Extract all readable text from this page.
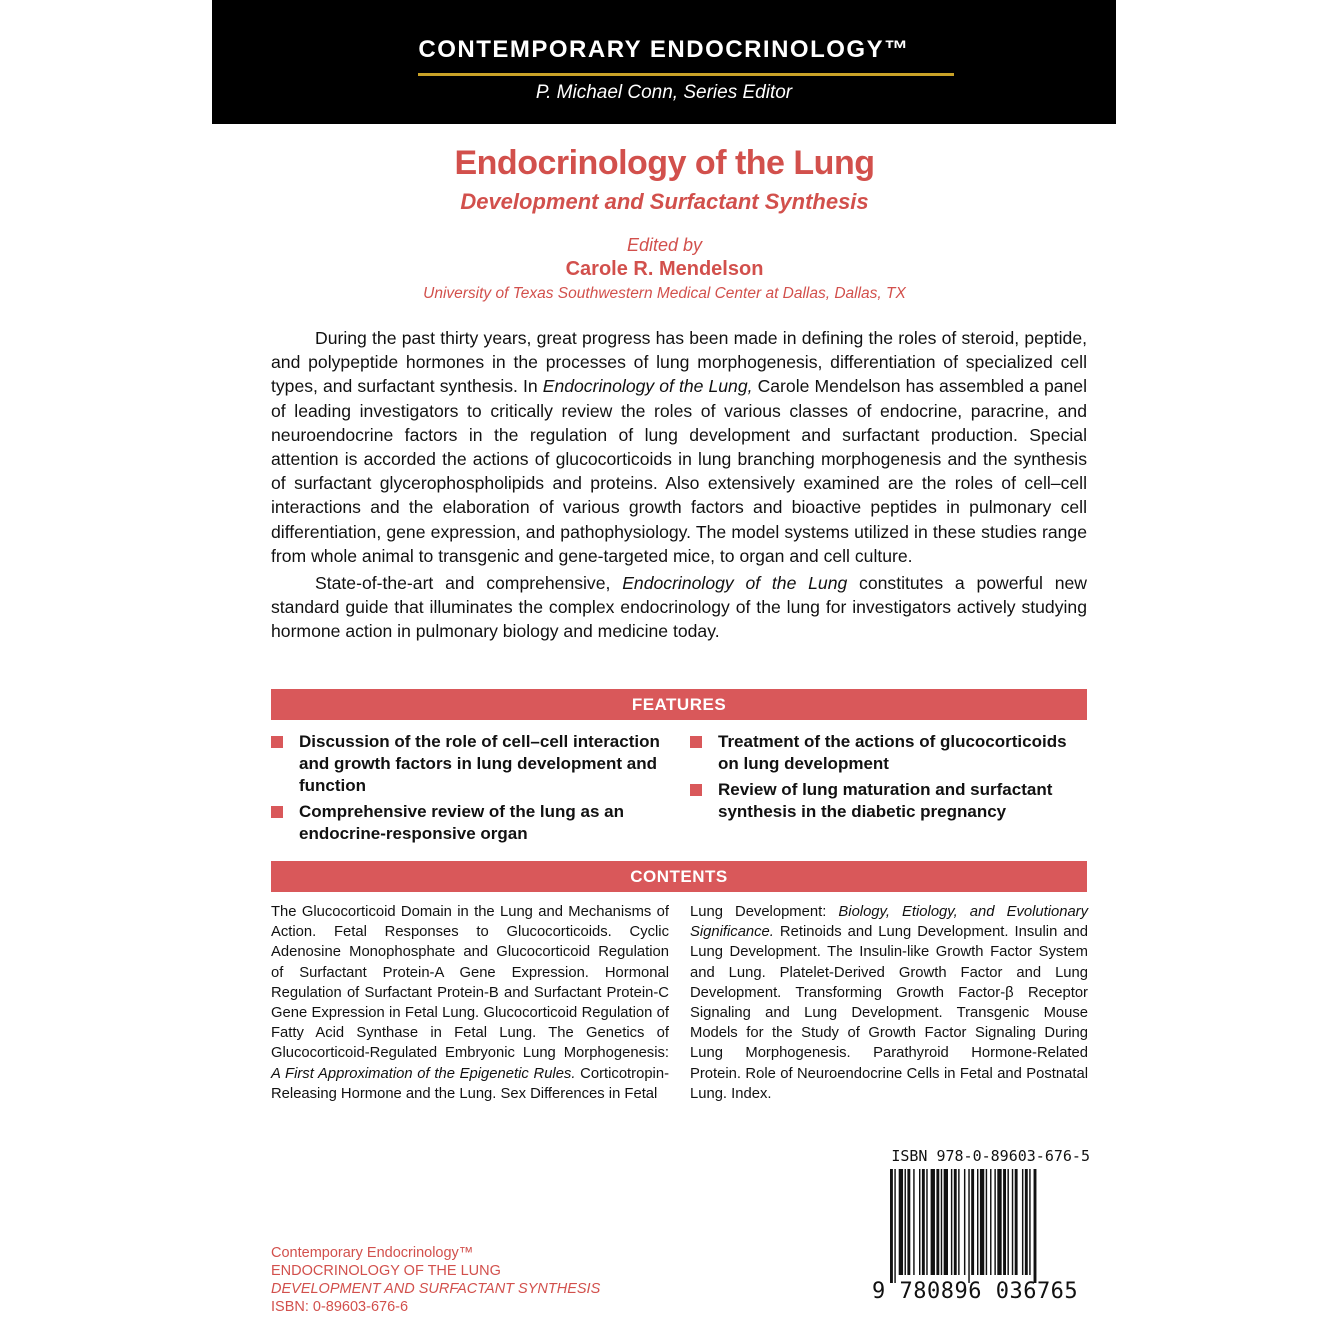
CONTEMPORARY ENDOCRINOLOGY™
P. Michael Conn, Series Editor
Endocrinology of the Lung
Development and Surfactant Synthesis
Edited by
Carole R. Mendelson
University of Texas Southwestern Medical Center at Dallas, Dallas, TX

During the past thirty years, great progress has been made in defining the roles of steroid, peptide, and polypeptide hormones in the processes of lung morphogenesis, differentiation of specialized cell types, and surfactant synthesis. In Endocrinology of the Lung, Carole Mendelson has assembled a panel of leading investigators to critically review the roles of various classes of endocrine, paracrine, and neuroendocrine factors in the regulation of lung development and surfactant production. Special attention is accorded the actions of glucocorticoids in lung branching morphogenesis and the synthesis of surfactant glycerophospholipids and proteins. Also extensively examined are the roles of cell–cell interactions and the elaboration of various growth factors and bioactive peptides in pulmonary cell differentiation, gene expression, and pathophysiology. The model systems utilized in these studies range from whole animal to transgenic and gene-targeted mice, to organ and cell culture.

State-of-the-art and comprehensive, Endocrinology of the Lung constitutes a powerful new standard guide that illuminates the complex endocrinology of the lung for investigators actively studying hormone action in pulmonary biology and medicine today.

FEATURES
Discussion of the role of cell–cell interaction and growth factors in lung development and function
Comprehensive review of the lung as an endocrine-responsive organ
Treatment of the actions of glucocorticoids on lung development
Review of lung maturation and surfactant synthesis in the diabetic pregnancy
CONTENTS

The Glucocorticoid Domain in the Lung and Mechanisms of Action. Fetal Responses to Glucocorticoids. Cyclic Adenosine Monophosphate and Glucocorticoid Regulation of Surfactant Protein-A Gene Expression. Hormonal Regulation of Surfactant Protein-B and Surfactant Protein-C Gene Expression in Fetal Lung. Glucocorticoid Regulation of Fatty Acid Synthase in Fetal Lung. The Genetics of Glucocorticoid-Regulated Embryonic Lung Morphogenesis: A First Approximation of the Epigenetic Rules. Corticotropin-Releasing Hormone and the Lung. Sex Differences in Fetal

Lung Development: Biology, Etiology, and Evolutionary Significance. Retinoids and Lung Development. Insulin and Lung Development. The Insulin-like Growth Factor System and Lung. Platelet-Derived Growth Factor and Lung Development. Transforming Growth Factor-β Receptor Signaling and Lung Development. Transgenic Mouse Models for the Study of Growth Factor Signaling During Lung Morphogenesis. Parathyroid Hormone-Related Protein. Role of Neuroendocrine Cells in Fetal and Postnatal Lung. Index.

ISBN 978-0-89603-676-5
9 780896 036765
Contemporary Endocrinology™
ENDOCRINOLOGY OF THE LUNG
DEVELOPMENT AND SURFACTANT SYNTHESIS
ISBN: 0-89603-676-6
